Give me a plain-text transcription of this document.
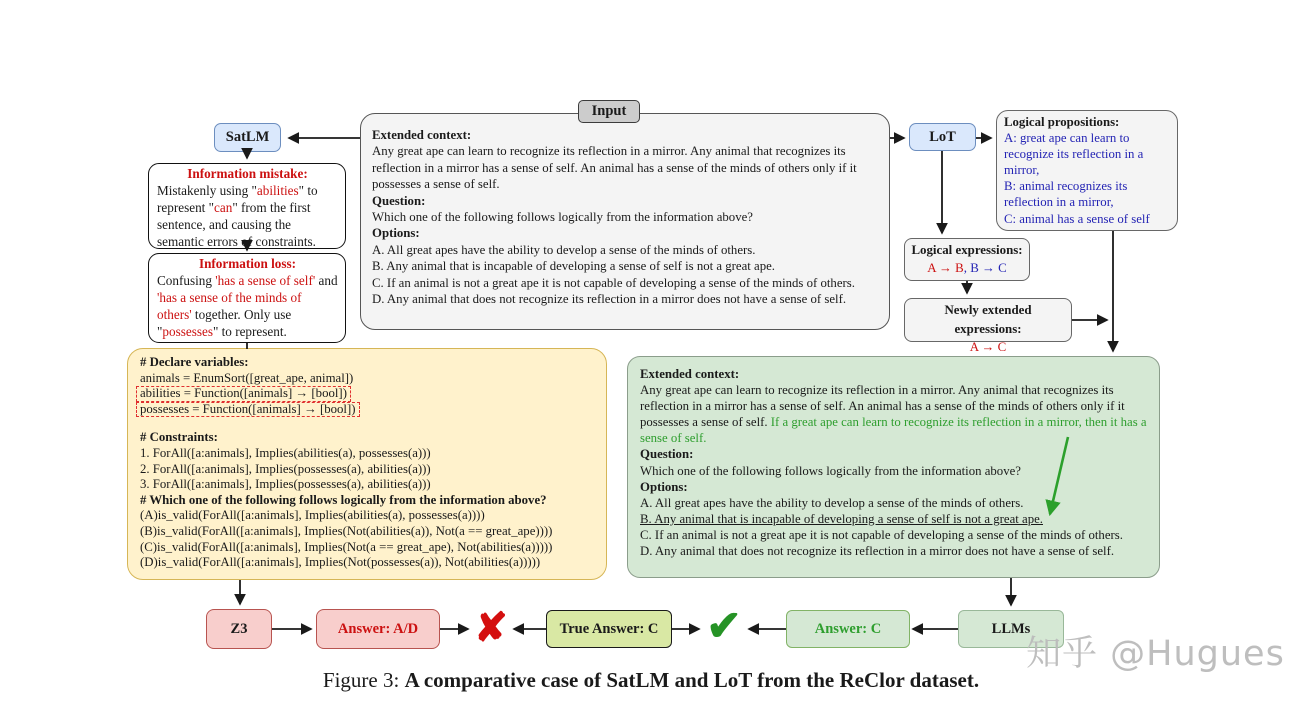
Extended context:
Any great ape can learn to recognize its reflection in a mirror. Any animal that recognizes its reflection in a mirror has a sense of self. An animal has a sense of the minds of others only if it possesses a sense of self.
Question:
Which one of the following follows logically from the information above?
Options:
A. All great apes have the ability to develop a sense of the minds of others.
B. Any animal that is incapable of developing a sense of self is not a great ape.
C. If an animal is not a great ape it is not capable of developing a sense of the minds of others.
D. Any animal that does not recognize its reflection in a mirror does not have a sense of self.
Input
SatLM	LoT
Information mistake:
Mistakenly using "abilities" to represent "can" from the first sentence, and causing the semantic errors of constraints.
Information loss:
Confusing 'has a sense of self' and 'has a sense of the minds of others' together. Only use "possesses" to represent.
Logical propositions:
A: great ape can learn to recognize its reflection in a mirror,
B: animal recognizes its reflection in a mirror,
C: animal has a sense of self
Logical expressions:
A → B, B → C
Newly extended expressions:
A → C
# Declare variables:
animals = EnumSort([great_ape, animal])
abilities = Function([animals] → [bool])
possesses = Function([animals] → [bool])
# Constraints:
1. ForAll([a:animals], Implies(abilities(a), possesses(a)))
2. ForAll([a:animals], Implies(possesses(a), abilities(a)))
3. ForAll([a:animals], Implies(possesses(a), abilities(a)))
# Which one of the following follows logically from the information above?
(A)is_valid(ForAll([a:animals], Implies(abilities(a), possesses(a))))
(B)is_valid(ForAll([a:animals], Implies(Not(abilities(a)), Not(a == great_ape))))
(C)is_valid(ForAll([a:animals], Implies(Not(a == great_ape), Not(abilities(a)))))
(D)is_valid(ForAll([a:animals], Implies(Not(possesses(a)), Not(abilities(a)))))
Extended context:
Any great ape can learn to recognize its reflection in a mirror. Any animal that recognizes its reflection in a mirror has a sense of self. An animal has a sense of the minds of others only if it possesses a sense of self. If a great ape can learn to recognize its reflection in a mirror, then it has a sense of self.
Question:
Which one of the following follows logically from the information above?
Options:
A. All great apes have the ability to develop a sense of the minds of others.
B. Any animal that is incapable of developing a sense of self is not a great ape.
C. If an animal is not a great ape it is not capable of developing a sense of the minds of others.
D. Any animal that does not recognize its reflection in a mirror does not have a sense of self.
Z3	Answer: A/D	✘	True Answer: C	✔	Answer: C	LLMs
Figure 3: A comparative case of SatLM and LoT from the ReClor dataset.
知乎 @Hugues
